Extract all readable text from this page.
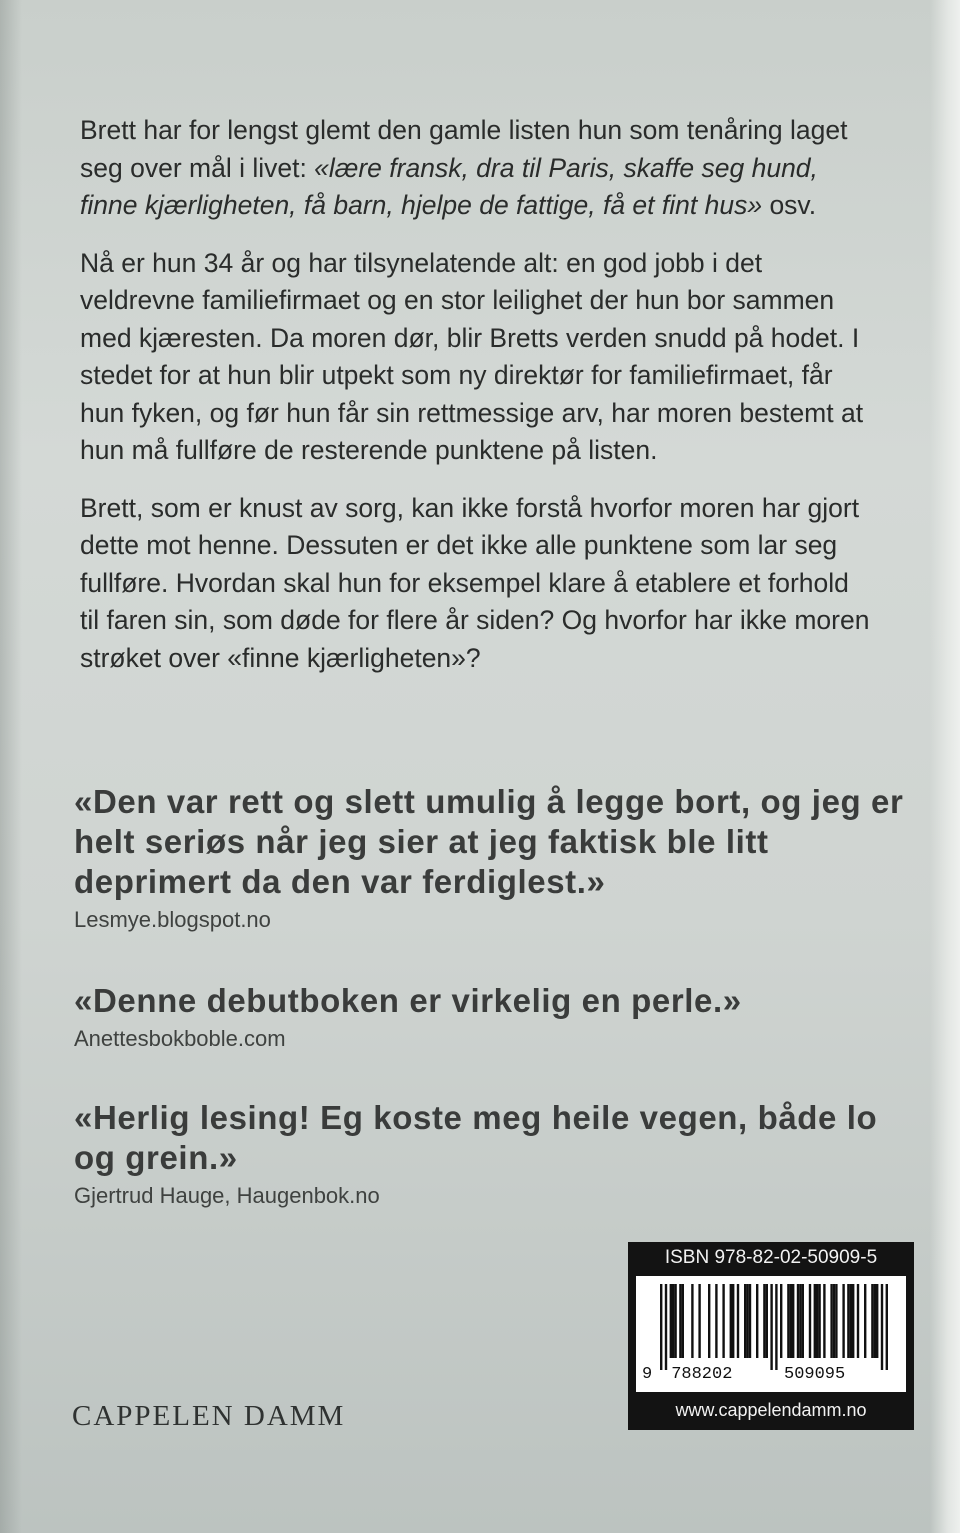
Brett har for lengst glemt den gamle listen hun som tenåring laget seg over mål i livet: «lære fransk, dra til Paris, skaffe seg hund, finne kjærligheten, få barn, hjelpe de fattige, få et fint hus» osv.

Nå er hun 34 år og har tilsynelatende alt: en god jobb i det veldrevne familiefirmaet og en stor leilighet der hun bor sammen med kjæresten. Da moren dør, blir Bretts verden snudd på hodet. I stedet for at hun blir utpekt som ny direktør for familiefirmaet, får hun fyken, og før hun får sin rettmessige arv, har moren bestemt at hun må fullføre de resterende punktene på listen.

Brett, som er knust av sorg, kan ikke forstå hvorfor moren har gjort dette mot henne. Dessuten er det ikke alle punktene som lar seg fullføre. Hvordan skal hun for eksempel klare å etablere et forhold til faren sin, som døde for flere år siden? Og hvorfor har ikke moren strøket over «finne kjærligheten»?

«Den var rett og slett umulig å legge bort, og jeg er helt seriøs når jeg sier at jeg faktisk ble litt deprimert da den var ferdiglest.»
Lesmye.blogspot.no
«Denne debutboken er virkelig en perle.»
Anettesbokboble.com
«Herlig lesing! Eg koste meg heile vegen, både lo og grein.»
Gjertrud Hauge, Haugenbok.no
CAPPELEN DAMM
ISBN 978-82-02-50909-5
9 788202	509095
www.cappelendamm.no
